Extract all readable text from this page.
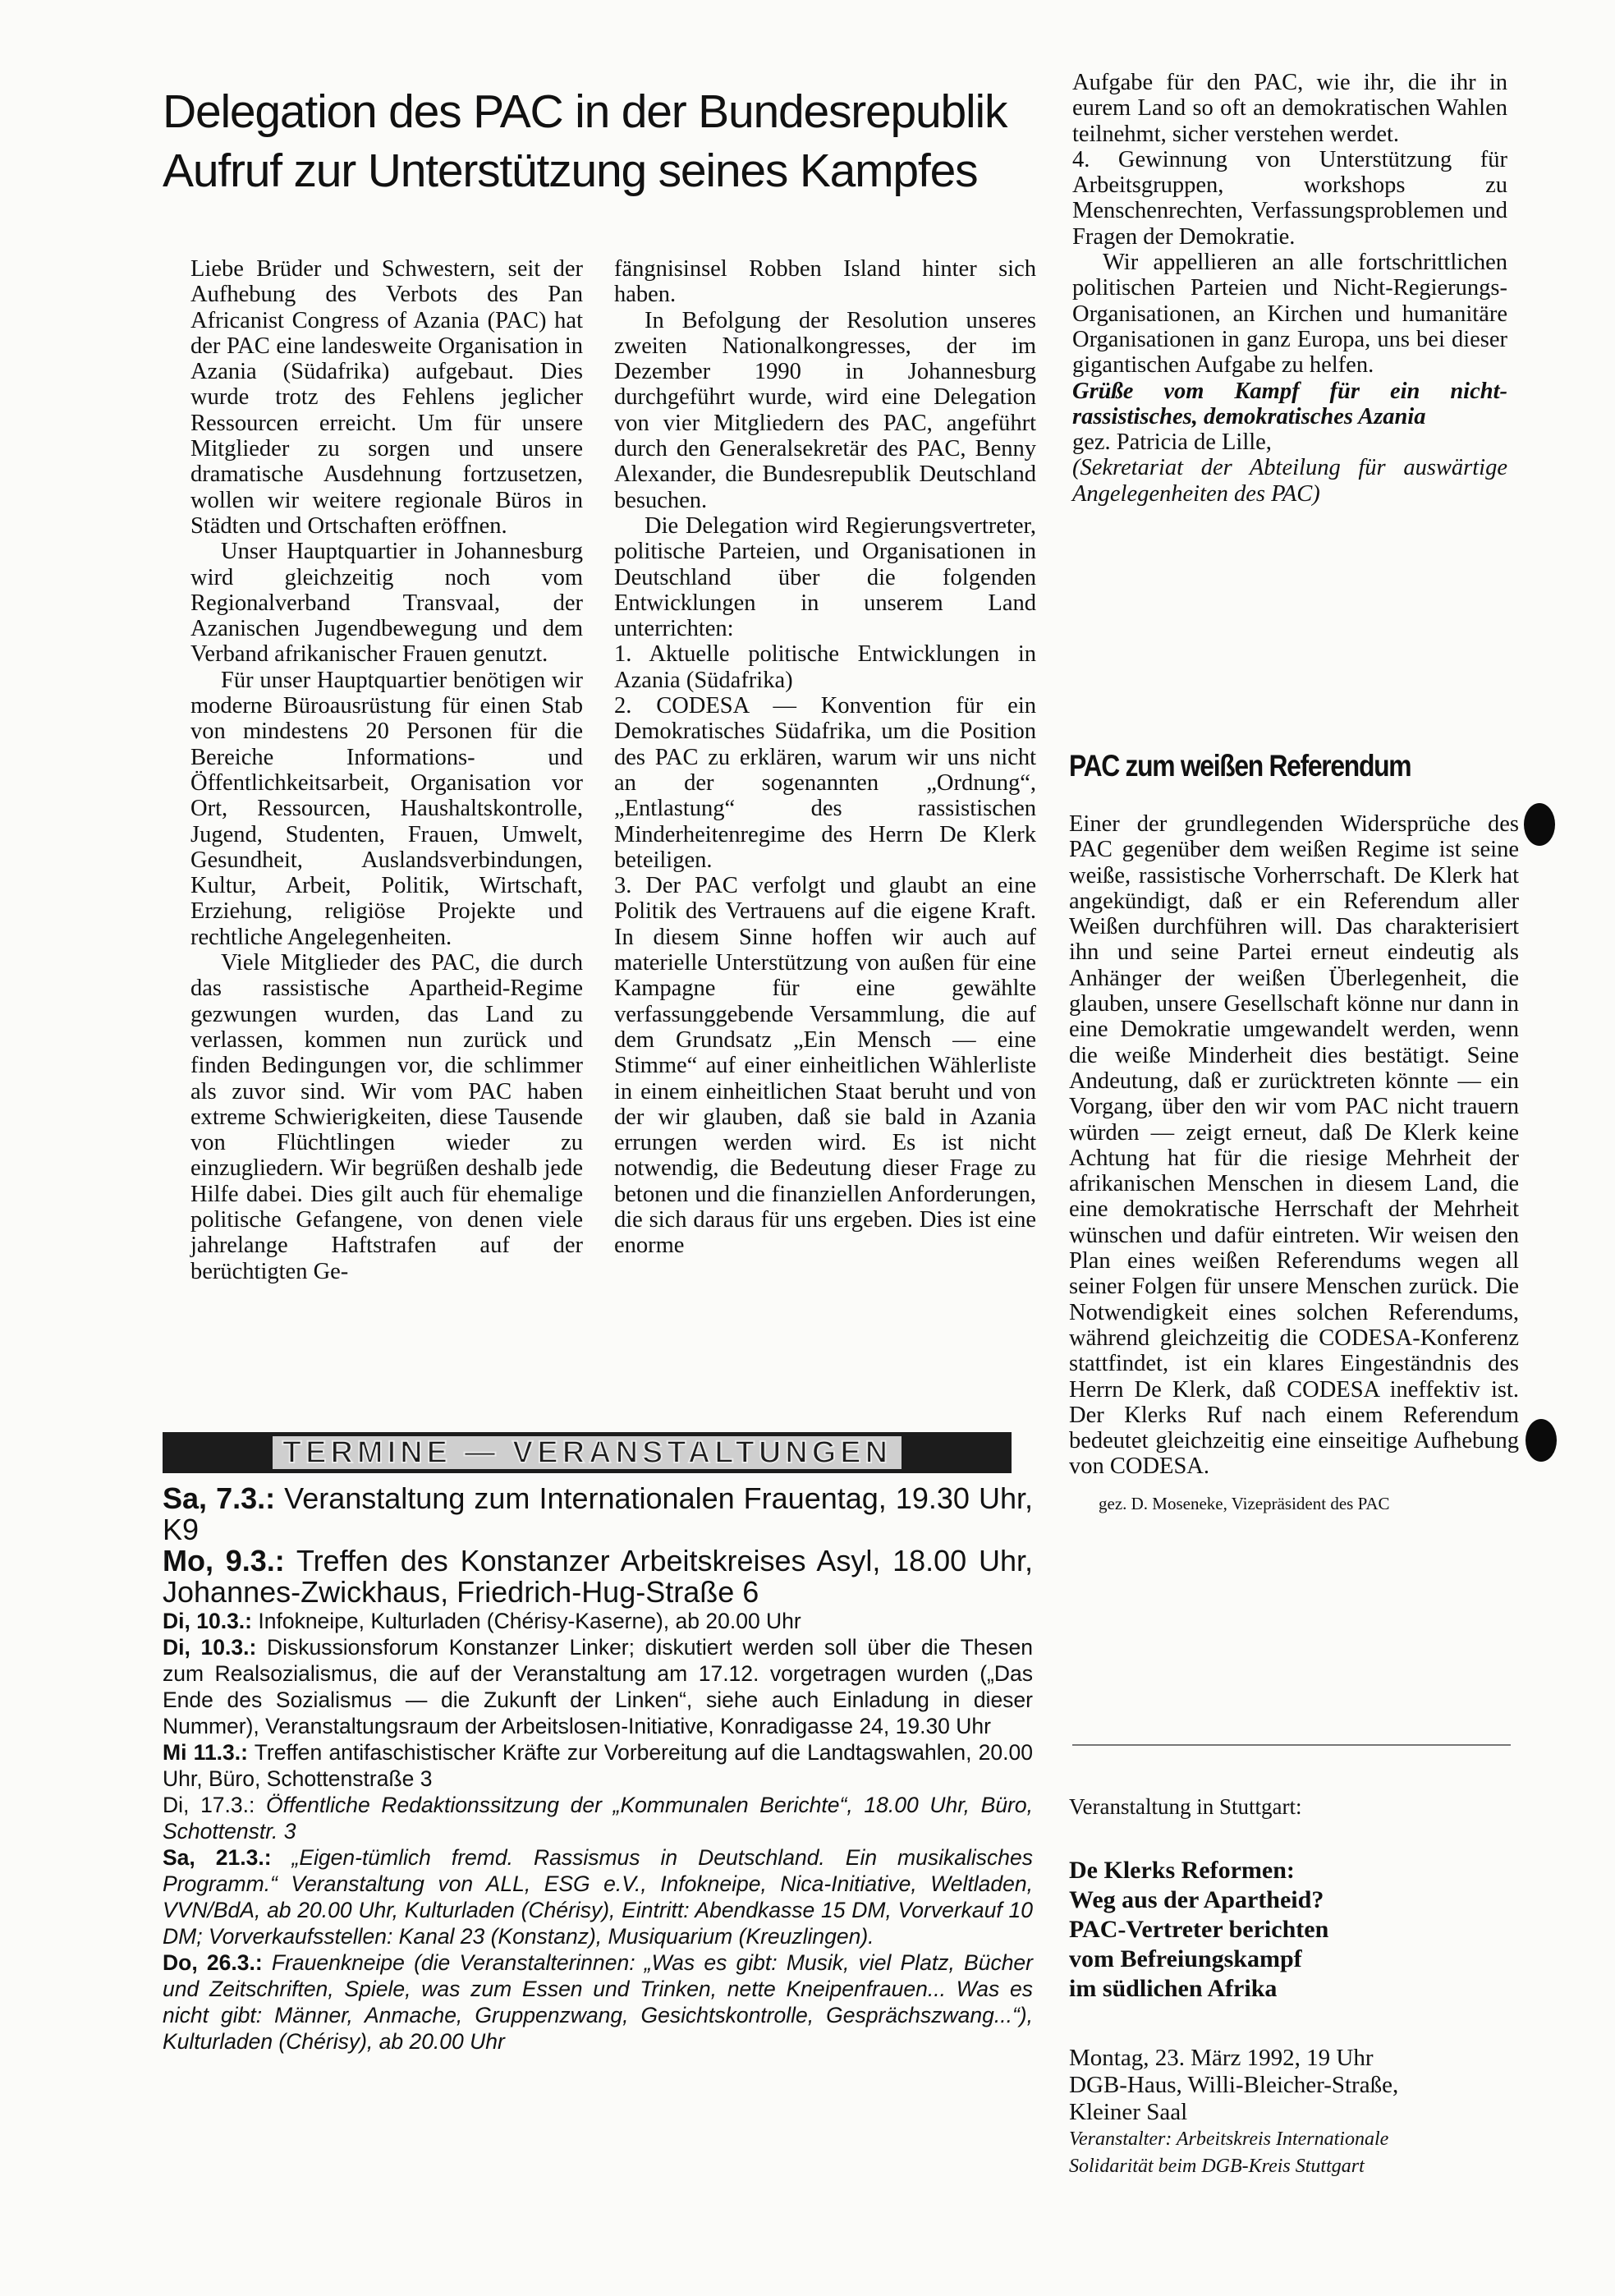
Delegation des PAC in der Bundesrepublik
Aufruf zur Unterstützung seines Kampfes

Liebe Brüder und Schwestern, seit der Aufhebung des Verbots des Pan Africanist Congress of Azania (PAC) hat der PAC eine landesweite Organisation in Azania (Südafrika) aufgebaut. Dies wurde trotz des Fehlens jeglicher Ressourcen erreicht. Um für unsere Mitglieder zu sorgen und unsere dramatische Ausdehnung fortzusetzen, wollen wir weitere regionale Büros in Städten und Ortschaften eröffnen.

Unser Hauptquartier in Johannesburg wird gleichzeitig noch vom Regionalverband Transvaal, der Azanischen Jugendbewegung und dem Verband afrikanischer Frauen genutzt.

Für unser Hauptquartier benötigen wir moderne Büroausrüstung für einen Stab von mindestens 20 Personen für die Bereiche Informations- und Öffentlichkeitsarbeit, Organisation vor Ort, Ressourcen, Haushaltskontrolle, Jugend, Studenten, Frauen, Umwelt, Gesundheit, Auslandsverbindungen, Kultur, Arbeit, Politik, Wirtschaft, Erziehung, religiöse Projekte und rechtliche Angelegenheiten.

Viele Mitglieder des PAC, die durch das rassistische Apartheid-Regime gezwungen wurden, das Land zu verlassen, kommen nun zurück und finden Bedingungen vor, die schlimmer als zuvor sind. Wir vom PAC haben extreme Schwierigkeiten, diese Tausende von Flüchtlingen wieder zu einzugliedern. Wir begrüßen deshalb jede Hilfe dabei. Dies gilt auch für ehemalige politische Gefangene, von denen viele jahrelange Haftstrafen auf der berüchtigten Ge-

fängnisinsel Robben Island hinter sich haben.

In Befolgung der Resolution unseres zweiten Nationalkongresses, der im Dezember 1990 in Johannesburg durchgeführt wurde, wird eine Delegation von vier Mitgliedern des PAC, angeführt durch den Generalsekretär des PAC, Benny Alexander, die Bundesrepublik Deutschland besuchen.

Die Delegation wird Regierungsvertreter, politische Parteien, und Organisationen in Deutschland über die folgenden Entwicklungen in unserem Land unterrichten:

1. Aktuelle politische Entwicklungen in Azania (Südafrika)

2. CODESA — Konvention für ein Demokratisches Südafrika, um die Position des PAC zu erklären, warum wir uns nicht an der sogenannten „Ordnung“, „Entlastung“ des rassistischen Minderheitenregime des Herrn De Klerk beteiligen.

3. Der PAC verfolgt und glaubt an eine Politik des Vertrauens auf die eigene Kraft. In diesem Sinne hoffen wir auch auf materielle Unterstützung von außen für eine Kampagne für eine gewählte verfassunggebende Versammlung, die auf dem Grundsatz „Ein Mensch — eine Stimme“ auf einer einheitlichen Wählerliste in einem einheitlichen Staat beruht und von der wir glauben, daß sie bald in Azania errungen werden wird. Es ist nicht notwendig, die Bedeutung dieser Frage zu betonen und die finanziellen Anforderungen, die sich daraus für uns ergeben. Dies ist eine enorme

Aufgabe für den PAC, wie ihr, die ihr in eurem Land so oft an demokratischen Wahlen teilnehmt, sicher verstehen werdet.

4. Gewinnung von Unterstützung für Arbeitsgruppen, workshops zu Menschenrechten, Verfassungsproblemen und Fragen der Demokratie.

Wir appellieren an alle fortschrittlichen politischen Parteien und Nicht-Regierungs-Organisationen, an Kirchen und humanitäre Organisationen in ganz Europa, uns bei dieser gigantischen Aufgabe zu helfen.

Grüße vom Kampf für ein nicht-rassistisches, demokratisches Azania

gez. Patricia de Lille,

(Sekretariat der Abteilung für auswärtige Angelegenheiten des PAC)

PAC zum weißen Referendum

Einer der grundlegenden Widersprüche des PAC gegenüber dem weißen Regime ist seine weiße, rassistische Vorherrschaft. De Klerk hat angekündigt, daß er ein Referendum aller Weißen durchführen will. Das charakterisiert ihn und seine Partei erneut eindeutig als Anhänger der weißen Überlegenheit, die glauben, unsere Gesellschaft könne nur dann in eine Demokratie umgewandelt werden, wenn die weiße Minderheit dies bestätigt. Seine Andeutung, daß er zurücktreten könnte — ein Vorgang, über den wir vom PAC nicht trauern würden — zeigt erneut, daß De Klerk keine Achtung hat für die riesige Mehrheit der afrikanischen Menschen in diesem Land, die eine demokratische Herrschaft der Mehrheit wünschen und dafür eintreten. Wir weisen den Plan eines weißen Referendums wegen all seiner Folgen für unsere Menschen zurück. Die Notwendigkeit eines solchen Referendums, während gleichzeitig die CODESA-Konferenz stattfindet, ist ein klares Eingeständnis des Herrn De Klerk, daß CODESA ineffektiv ist. Der Klerks Ruf nach einem Referendum bedeutet gleichzeitig eine einseitige Aufhebung von CODESA.

gez. D. Moseneke, Vizepräsident des PAC

Veranstaltung in Stuttgart:

De Klerks Reformen:
Weg aus der Apartheid?
PAC-Vertreter berichten
vom Befreiungskampf
im südlichen Afrika

Montag, 23. März 1992, 19 Uhr
DGB-Haus, Willi-Bleicher-Straße,
Kleiner Saal

Veranstalter: Arbeitskreis Internationale
Solidarität beim DGB-Kreis Stuttgart

TERMINE — VERANSTALTUNGEN

Sa, 7.3.: Veranstaltung zum Internationalen Frauentag, 19.30 Uhr, K9

Mo, 9.3.: Treffen des Konstanzer Arbeitskreises Asyl, 18.00 Uhr, Johannes-Zwickhaus, Friedrich-Hug-Straße 6

Di, 10.3.: Infokneipe, Kulturladen (Chérisy-Kaserne), ab 20.00 Uhr

Di, 10.3.: Diskussionsforum Konstanzer Linker; diskutiert werden soll über die Thesen zum Realsozialismus, die auf der Veranstaltung am 17.12. vorgetragen wurden („Das Ende des Sozialismus — die Zukunft der Linken“, siehe auch Einladung in dieser Nummer), Veranstaltungsraum der Arbeitslosen-Initiative, Konradigasse 24, 19.30 Uhr

Mi 11.3.: Treffen antifaschistischer Kräfte zur Vorbereitung auf die Landtagswahlen, 20.00 Uhr, Büro, Schottenstraße 3

Di, 17.3.: Öffentliche Redaktionssitzung der „Kommunalen Berichte“, 18.00 Uhr, Büro, Schottenstr. 3

Sa, 21.3.: „Eigen-tümlich fremd. Rassismus in Deutschland. Ein musikalisches Programm.“ Veranstaltung von ALL, ESG e.V., Infokneipe, Nica-Initiative, Weltladen, VVN/BdA, ab 20.00 Uhr, Kulturladen (Chérisy), Eintritt: Abendkasse 15 DM, Vorverkauf 10 DM; Vorverkaufsstellen: Kanal 23 (Konstanz), Musiquarium (Kreuzlingen).

Do, 26.3.: Frauenkneipe (die Veranstalterinnen: „Was es gibt: Musik, viel Platz, Bücher und Zeitschriften, Spiele, was zum Essen und Trinken, nette Kneipenfrauen... Was es nicht gibt: Männer, Anmache, Gruppenzwang, Gesichtskontrolle, Gesprächszwang...“), Kulturladen (Chérisy), ab 20.00 Uhr
